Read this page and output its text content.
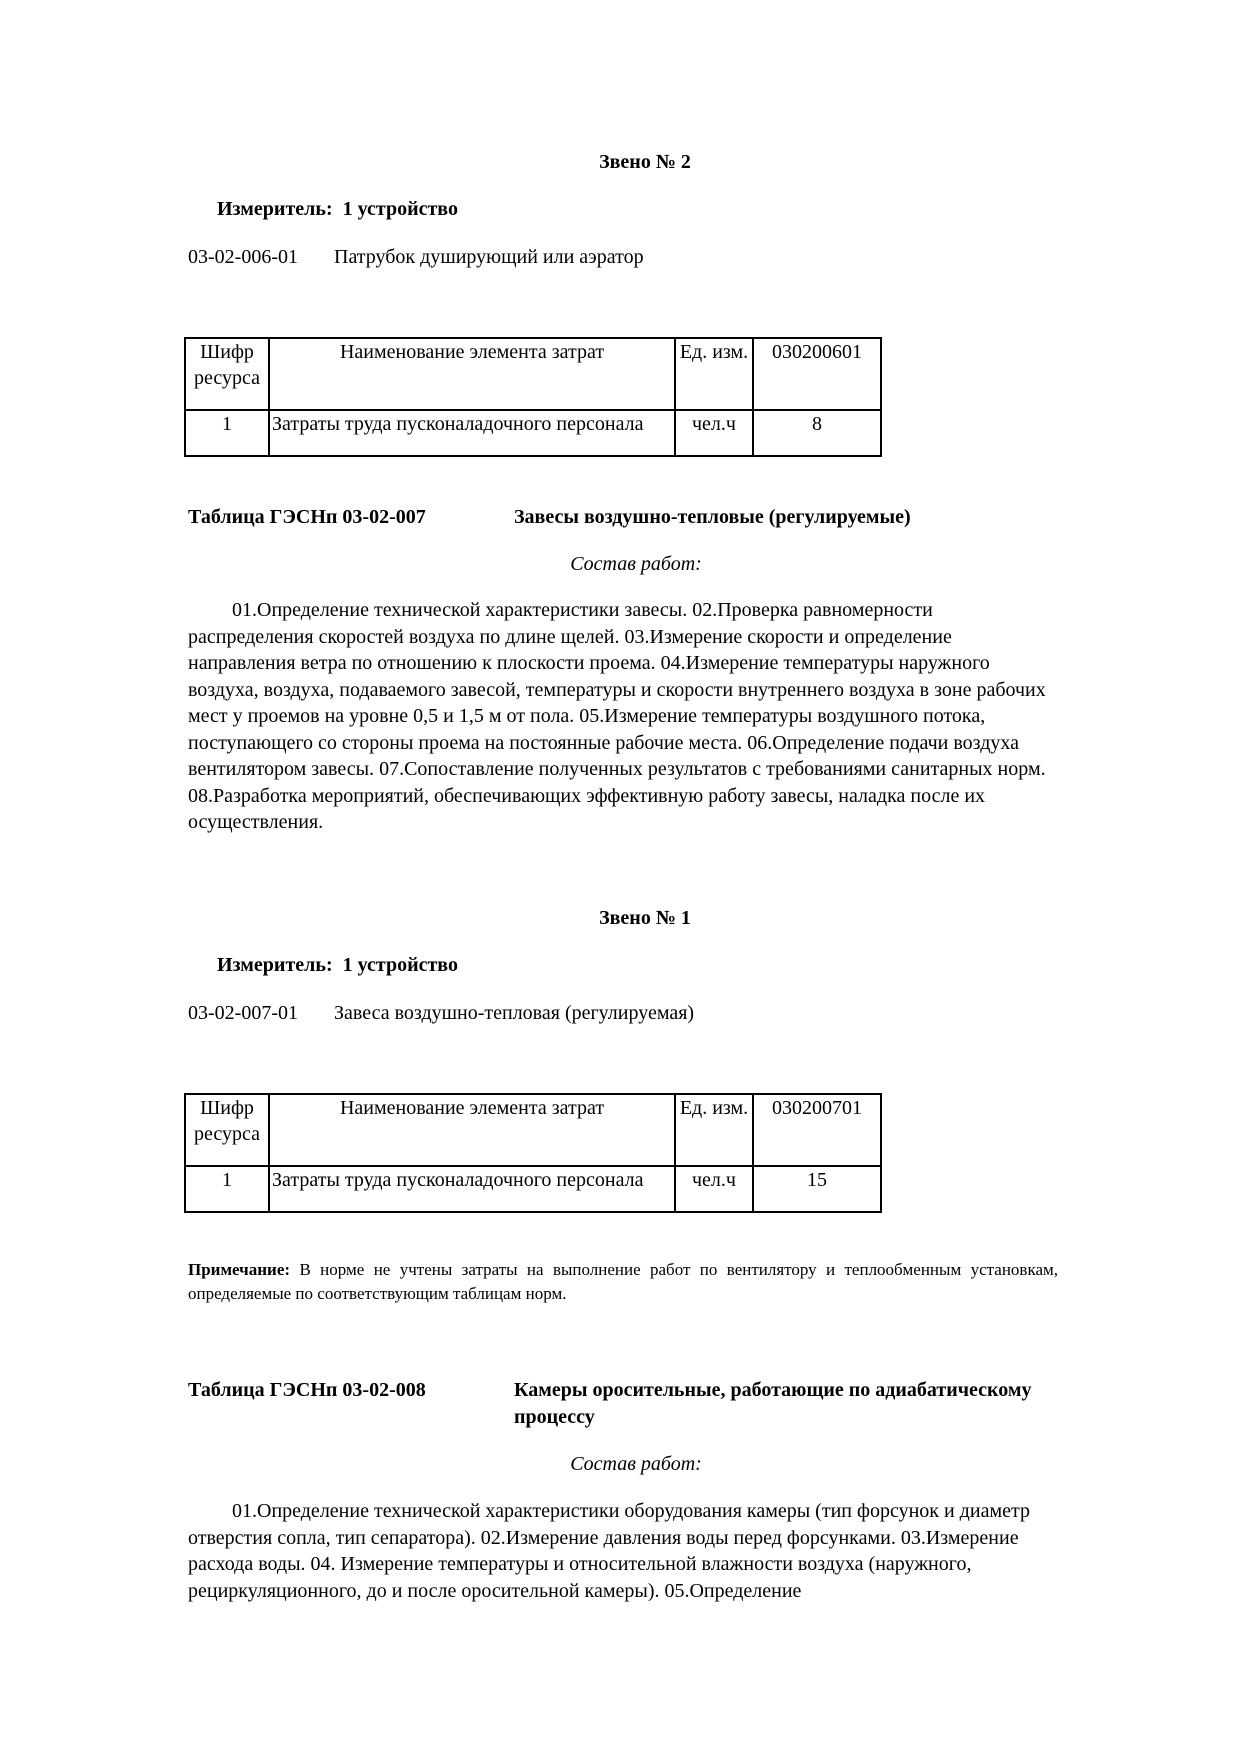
Звено № 2
Измеритель: 1 устройство
03-02-006-01 Патрубок душирующий или аэратор
Шифр ресурса	Наименование элемента затрат	Ед. изм.	030200601
1	Затраты труда пусконаладочного персонала	чел.ч	8
Таблица ГЭСНп 03-02-007	Завесы воздушно-тепловые (регулируемые)
Состав работ:
01.Определение технической характеристики завесы. 02.Проверка равномерности распределения скоростей воздуха по длине щелей. 03.Измерение скорости и определение направления ветра по отношению к плоскости проема. 04.Измерение температуры наружного воздуха, воздуха, подаваемого завесой, температуры и скорости внутреннего воздуха в зоне рабочих мест у проемов на уровне 0,5 и 1,5 м от пола. 05.Измерение температуры воздушного потока, поступающего со стороны проема на постоянные рабочие места. 06.Определение подачи воздуха вентилятором завесы. 07.Сопоставление полученных результатов с требованиями санитарных норм. 08.Разработка мероприятий, обеспечивающих эффективную работу завесы, наладка после их осуществления.
Звено № 1
Измеритель: 1 устройство
03-02-007-01 Завеса воздушно-тепловая (регулируемая)
Шифр ресурса	Наименование элемента затрат	Ед. изм.	030200701
1	Затраты труда пусконаладочного персонала	чел.ч	15
Примечание: В норме не учтены затраты на выполнение работ по вентилятору и теплообменным установкам, определяемые по соответствующим таблицам норм.
Таблица ГЭСНп 03-02-008	Камеры оросительные, работающие по адиабатическому процессу
Состав работ:
01.Определение технической характеристики оборудования камеры (тип форсунок и диаметр отверстия сопла, тип сепаратора). 02.Измерение давления воды перед форсунками. 03.Измерение расхода воды. 04. Измерение температуры и относительной влажности воздуха (наружного, рециркуляционного, до и после оросительной камеры). 05.Определение
